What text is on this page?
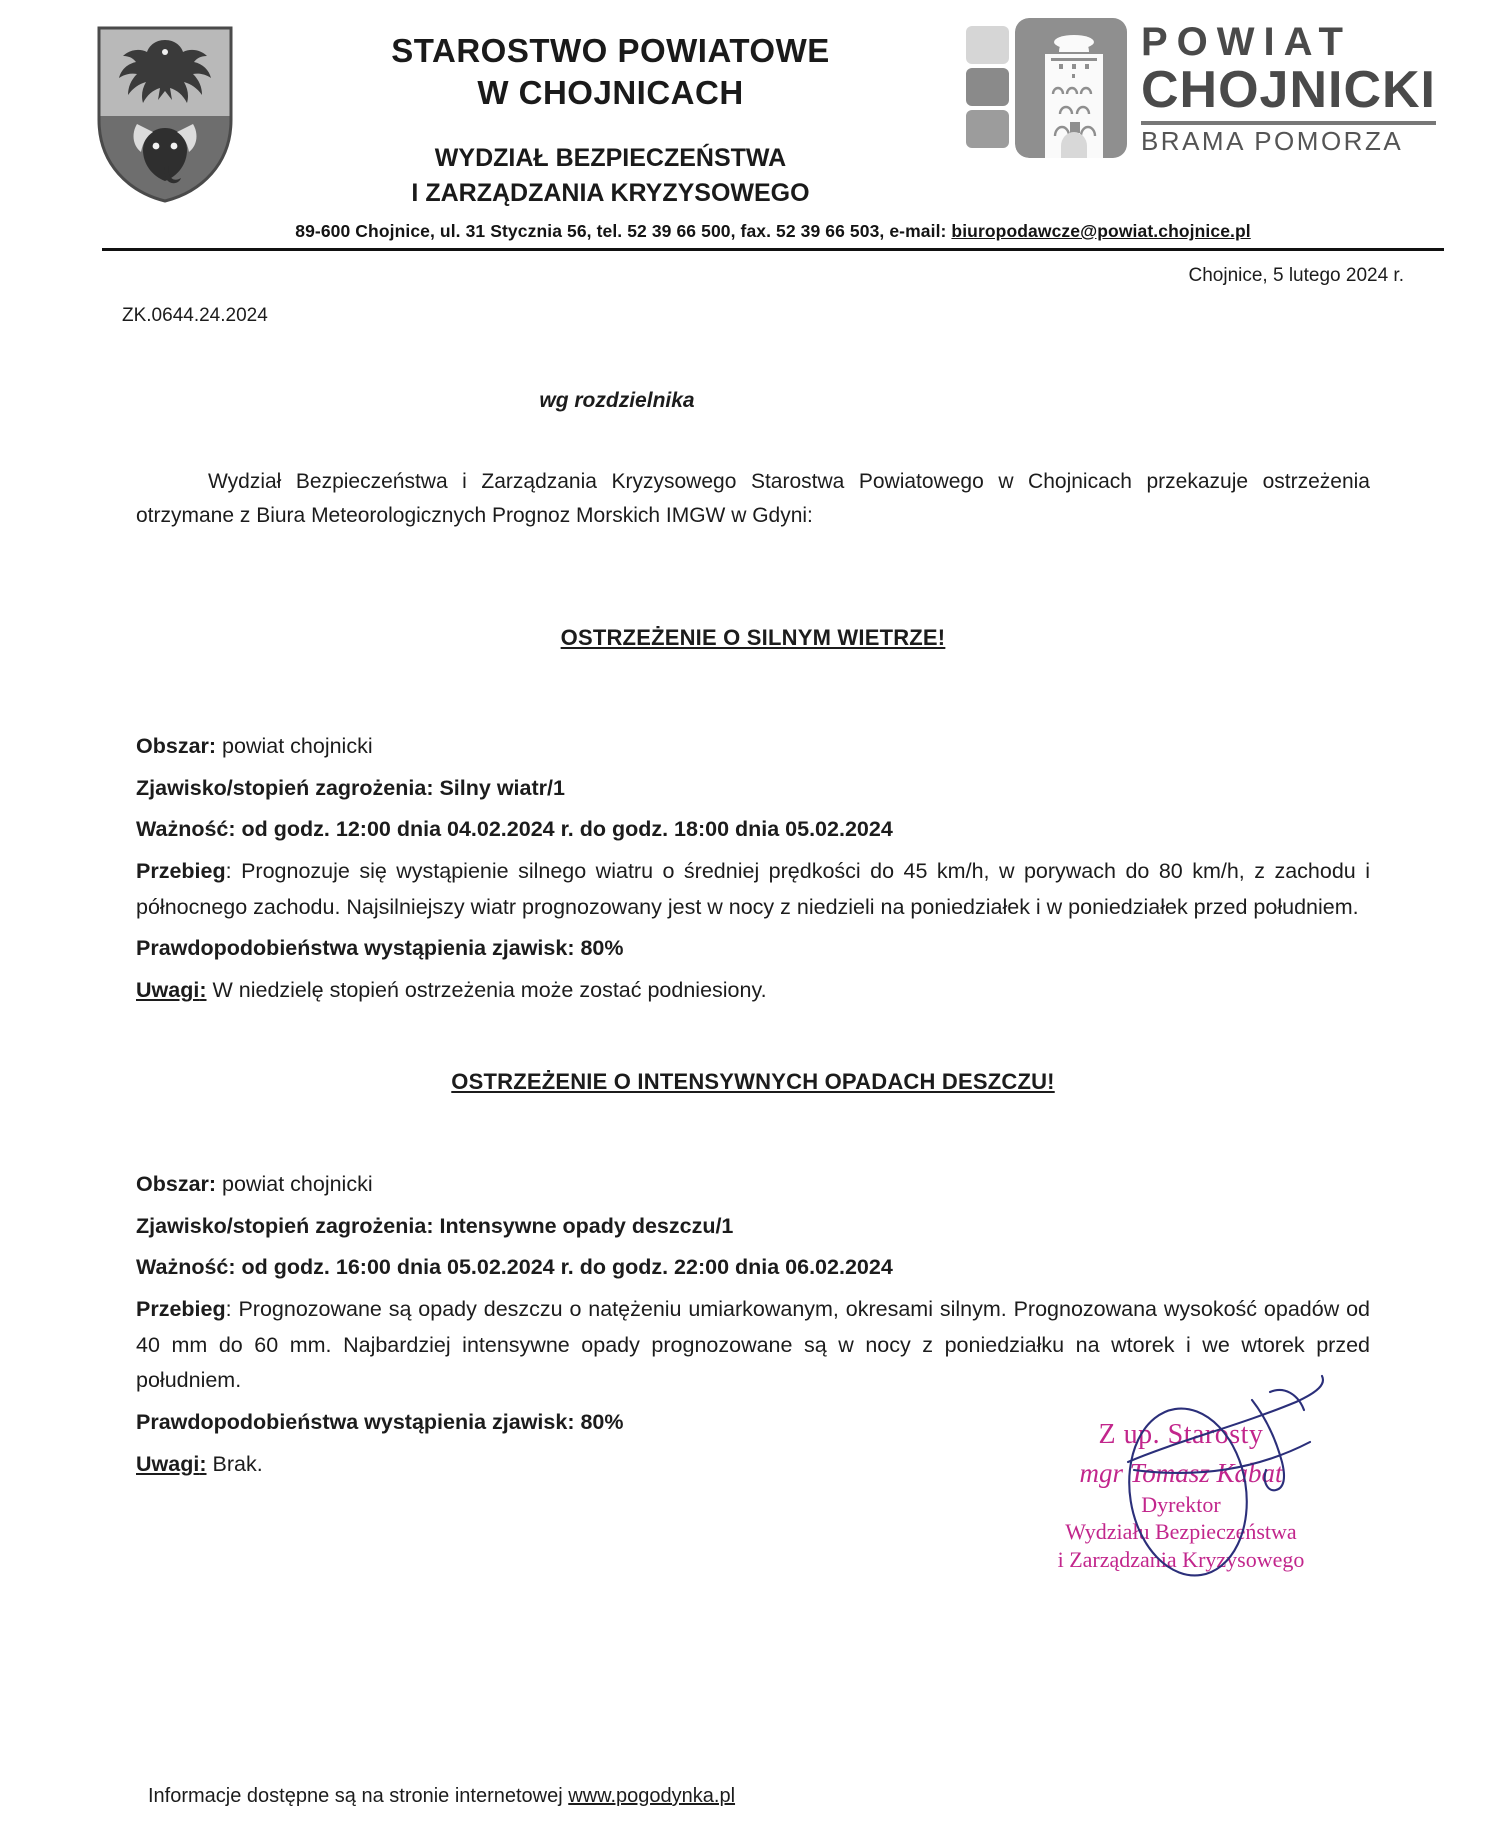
STAROSTWO POWIATOWE
W CHOJNICACH
WYDZIAŁ BEZPIECZEŃSTWA
I ZARZĄDZANIA KRYZYSOWEGO
POWIAT
CHOJNICKI
BRAMA POMORZA
89-600 Chojnice, ul. 31 Stycznia 56, tel. 52 39 66 500, fax. 52 39 66 503, e-mail: biuropodawcze@powiat.chojnice.pl
Chojnice, 5 lutego 2024 r.
ZK.0644.24.2024
wg rozdzielnika

Wydział Bezpieczeństwa i Zarządzania Kryzysowego Starostwa Powiatowego w Chojnicach przekazuje ostrzeżenia otrzymane z Biura Meteorologicznych Prognoz Morskich IMGW w Gdyni:

OSTRZEŻENIE O SILNYM WIETRZE!

Obszar: powiat chojnicki

Zjawisko/stopień zagrożenia: Silny wiatr/1

Ważność: od godz. 12:00 dnia 04.02.2024 r. do godz. 18:00 dnia 05.02.2024

Przebieg: Prognozuje się wystąpienie silnego wiatru o średniej prędkości do 45 km/h, w porywach do 80 km/h, z zachodu i północnego zachodu. Najsilniejszy wiatr prognozowany jest w nocy z niedzieli na poniedziałek i w poniedziałek przed południem.

Prawdopodobieństwa wystąpienia zjawisk: 80%

Uwagi: W niedzielę stopień ostrzeżenia może zostać podniesiony.

OSTRZEŻENIE O INTENSYWNYCH OPADACH DESZCZU!

Obszar: powiat chojnicki

Zjawisko/stopień zagrożenia: Intensywne opady deszczu/1

Ważność: od godz. 16:00 dnia 05.02.2024 r. do godz. 22:00 dnia 06.02.2024

Przebieg: Prognozowane są opady deszczu o natężeniu umiarkowanym, okresami silnym. Prognozowana wysokość opadów od 40 mm do 60 mm. Najbardziej intensywne opady prognozowane są w nocy z poniedziałku na wtorek i we wtorek przed południem.

Prawdopodobieństwa wystąpienia zjawisk: 80%

Uwagi: Brak.

Z up. Starosty
mgr Tomasz Kabat
Dyrektor
Wydziału Bezpieczeństwa
i Zarządzania Kryzysowego
Informacje dostępne są na stronie internetowej www.pogodynka.pl
